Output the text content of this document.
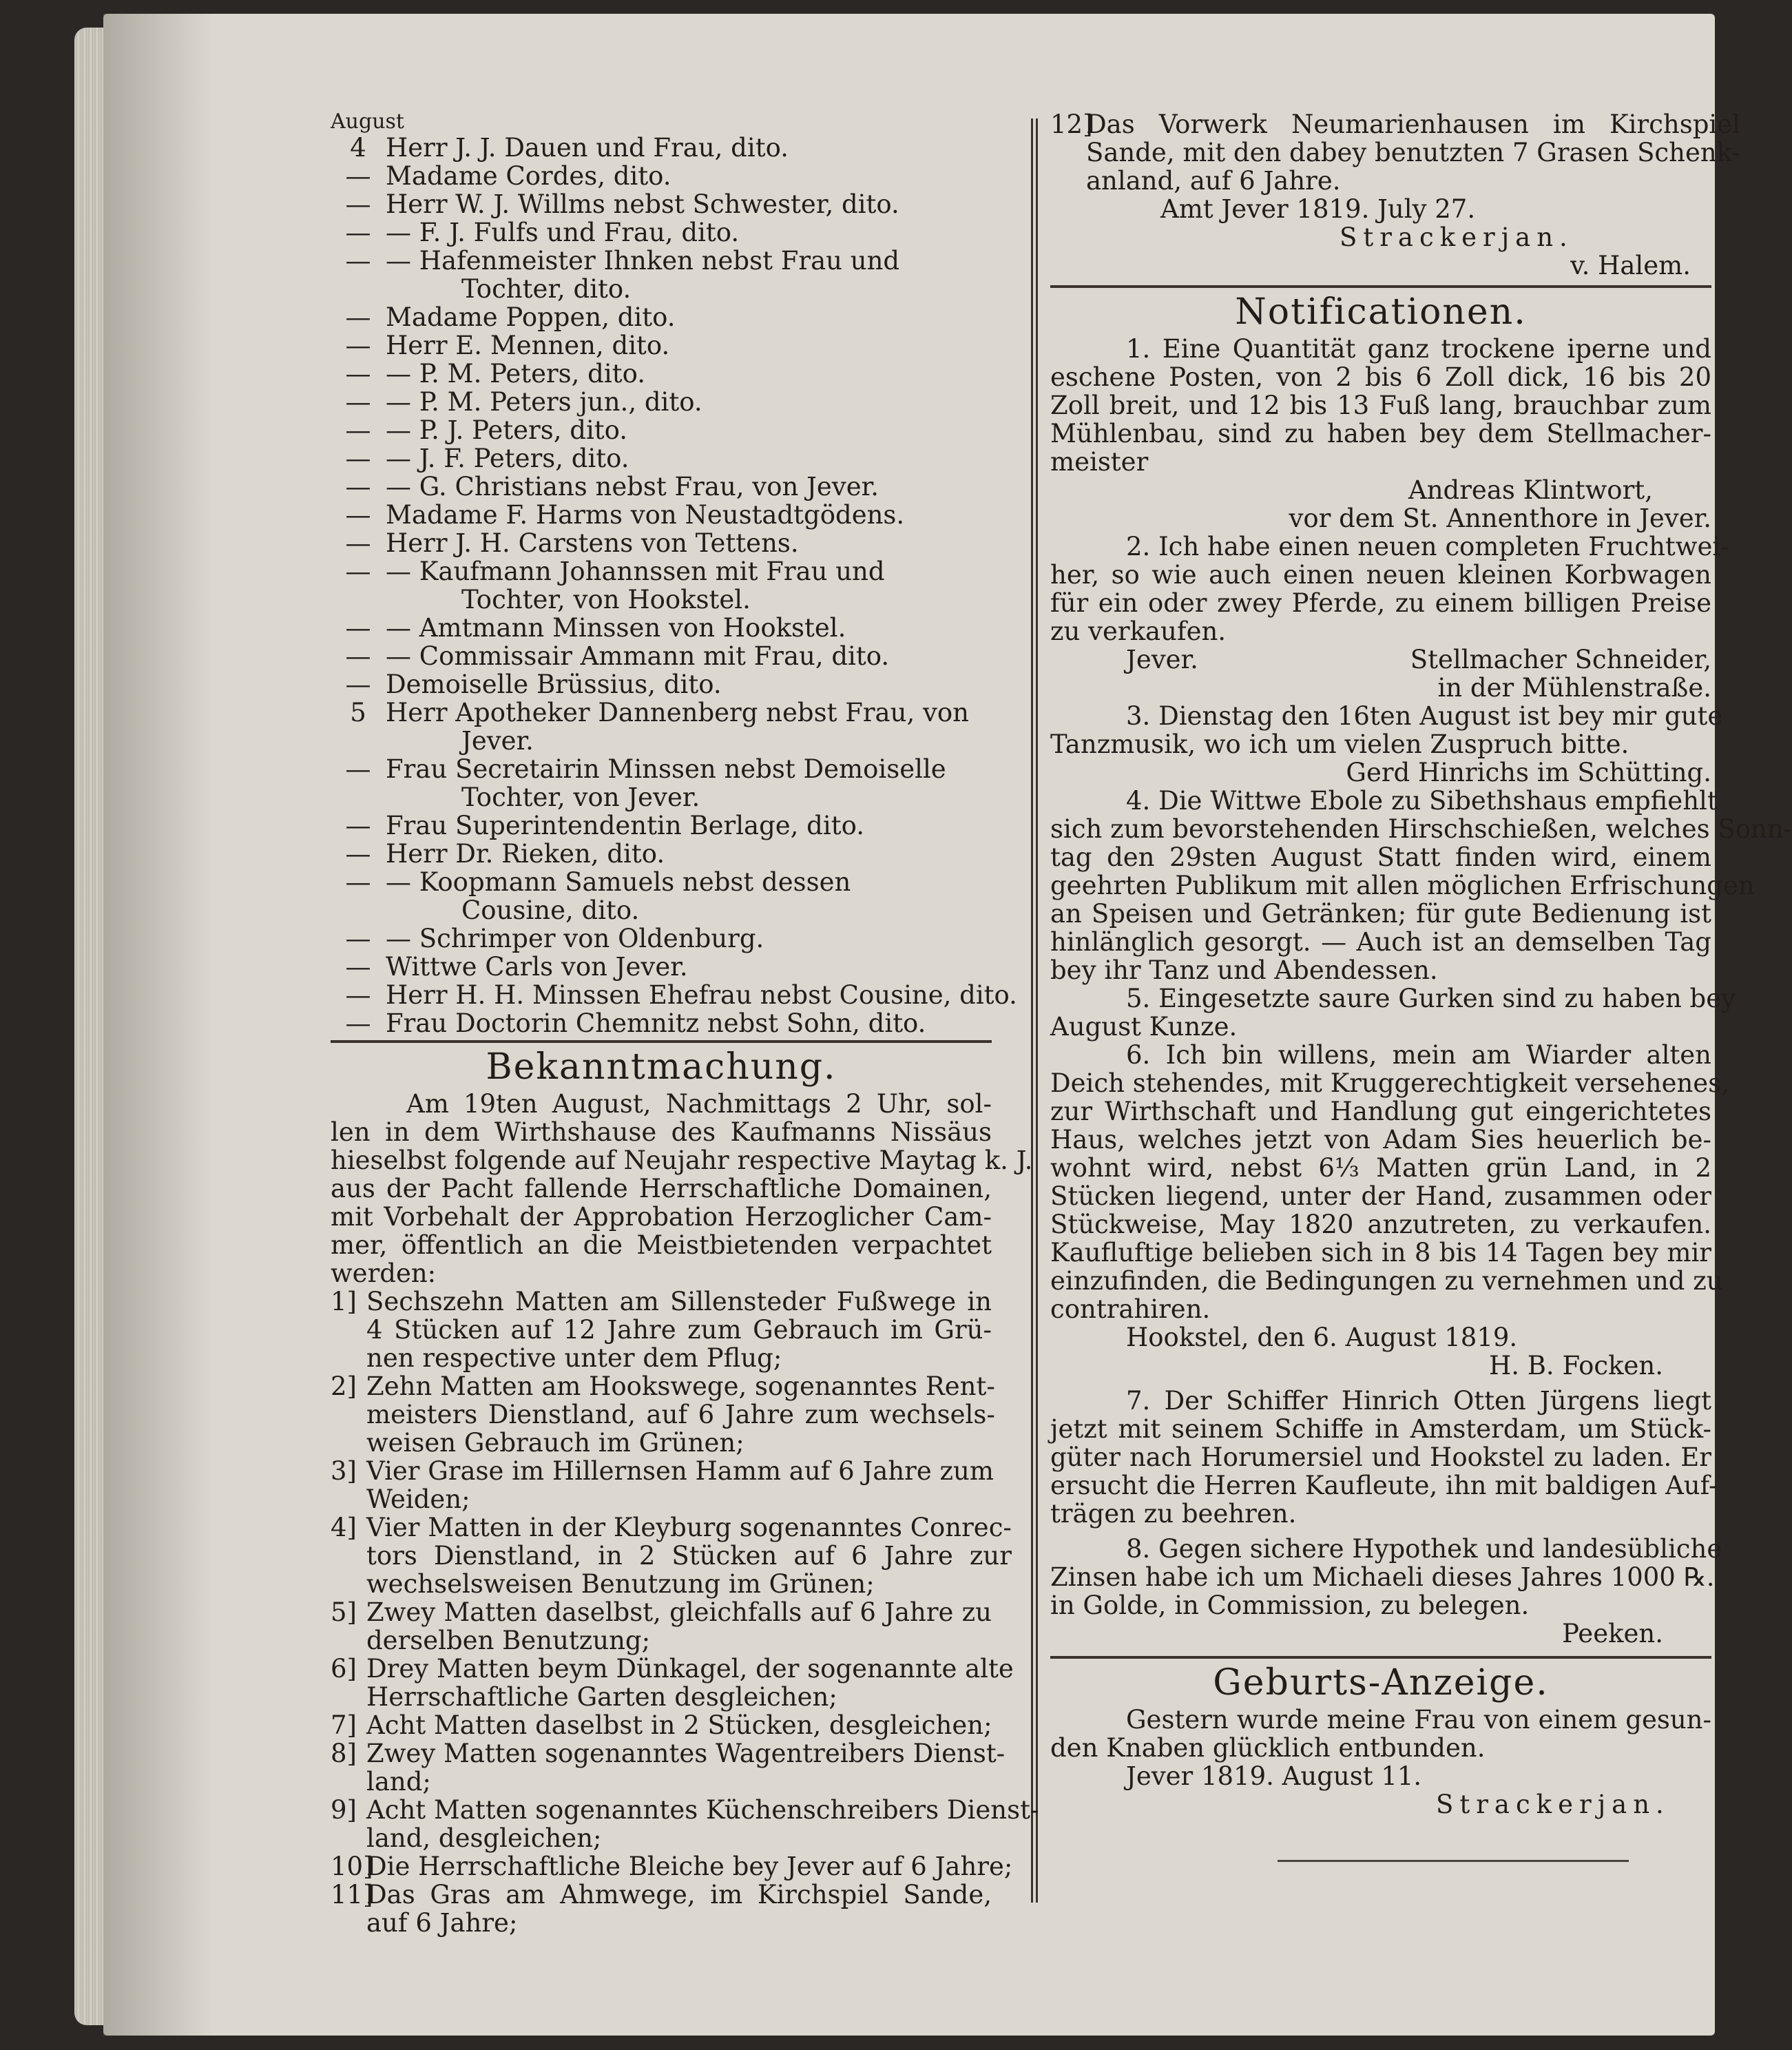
August
4 Herr J. J. Dauen und Frau, dito.
— Madame Cordes, dito.
— Herr W. J. Willms nebst Schwester, dito.
— — F. J. Fulfs und Frau, dito.
— — Hafenmeister Ihnken nebst Frau und
Tochter, dito.
— Madame Poppen, dito.
— Herr E. Mennen, dito.
— — P. M. Peters, dito.
— — P. M. Peters jun., dito.
— — P. J. Peters, dito.
— — J. F. Peters, dito.
— — G. Christians nebst Frau, von Jever.
— Madame F. Harms von Neustadtgödens.
— Herr J. H. Carstens von Tettens.
— — Kaufmann Johannssen mit Frau und
Tochter, von Hookstel.
— — Amtmann Minssen von Hookstel.
— — Commissair Ammann mit Frau, dito.
— Demoiselle Brüssius, dito.
5 Herr Apotheker Dannenberg nebst Frau, von
Jever.
— Frau Secretairin Minssen nebst Demoiselle
Tochter, von Jever.
— Frau Superintendentin Berlage, dito.
— Herr Dr. Rieken, dito.
— — Koopmann Samuels nebst dessen
Cousine, dito.
— — Schrimper von Oldenburg.
— Wittwe Carls von Jever.
— Herr H. H. Minssen Ehefrau nebst Cousine, dito.
— Frau Doctorin Chemnitz nebst Sohn, dito.
Bekanntmachung.
Am 19ten August, Nachmittags 2 Uhr, sol-
len in dem Wirthshause des Kaufmanns Nissäus
hieselbst folgende auf Neujahr respective Maytag k. J.
aus der Pacht fallende Herrschaftliche Domainen,
mit Vorbehalt der Approbation Herzoglicher Cam-
mer, öffentlich an die Meistbietenden verpachtet
werden:
1] Sechszehn Matten am Sillensteder Fußwege in
4 Stücken auf 12 Jahre zum Gebrauch im Grü-
nen respective unter dem Pflug;
2] Zehn Matten am Hookswege, sogenanntes Rent-
meisters Dienstland, auf 6 Jahre zum wechsels-
weisen Gebrauch im Grünen;
3] Vier Grase im Hillernsen Hamm auf 6 Jahre zum
Weiden;
4] Vier Matten in der Kleyburg sogenanntes Conrec-
tors Dienstland, in 2 Stücken auf 6 Jahre zur
wechselsweisen Benutzung im Grünen;
5] Zwey Matten daselbst, gleichfalls auf 6 Jahre zu
derselben Benutzung;
6] Drey Matten beym Dünkagel, der sogenannte alte
Herrschaftliche Garten desgleichen;
7] Acht Matten daselbst in 2 Stücken, desgleichen;
8] Zwey Matten sogenanntes Wagentreibers Dienst-
land;
9] Acht Matten sogenanntes Küchenschreibers Dienst-
land, desgleichen;
10]
Die Herrschaftliche Bleiche bey Jever auf 6 Jahre;
11]
Das Gras am Ahmwege, im Kirchspiel Sande,
auf 6 Jahre;
12]
Das Vorwerk Neumarienhausen im Kirchspiel
Sande, mit den dabey benutzten 7 Grasen Schenk-
anland, auf 6 Jahre.
Amt Jever 1819. July 27.
Strackerjan.
v. Halem.
Notificationen.
1. Eine Quantität ganz trockene iperne und
eschene Posten, von 2 bis 6 Zoll dick, 16 bis 20
Zoll breit, und 12 bis 13 Fuß lang, brauchbar zum
Mühlenbau, sind zu haben bey dem Stellmacher-
meister
Andreas Klintwort,
vor dem St. Annenthore in Jever.
2. Ich habe einen neuen completen Fruchtwei-
her, so wie auch einen neuen kleinen Korbwagen
für ein oder zwey Pferde, zu einem billigen Preise
zu verkaufen.
Jever.	Stellmacher Schneider,
in der Mühlenstraße.
3. Dienstag den 16ten August ist bey mir gute
Tanzmusik, wo ich um vielen Zuspruch bitte.
Gerd Hinrichs im Schütting.
4. Die Wittwe Ebole zu Sibethshaus empfiehlt
sich zum bevorstehenden Hirschschießen, welches Sonn-
tag den 29sten August Statt finden wird, einem
geehrten Publikum mit allen möglichen Erfrischungen
an Speisen und Getränken; für gute Bedienung ist
hinlänglich gesorgt. — Auch ist an demselben Tag
bey ihr Tanz und Abendessen.
5. Eingesetzte saure Gurken sind zu haben bey
August Kunze.
6. Ich bin willens, mein am Wiarder alten
Deich stehendes, mit Kruggerechtigkeit versehenes,
zur Wirthschaft und Handlung gut eingerichtetes
Haus, welches jetzt von Adam Sies heuerlich be-
wohnt wird, nebst 6⅓ Matten grün Land, in 2
Stücken liegend, unter der Hand, zusammen oder
Stückweise, May 1820 anzutreten, zu verkaufen.
Kaufluftige belieben sich in 8 bis 14 Tagen bey mir
einzufinden, die Bedingungen zu vernehmen und zu
contrahiren.
Hookstel, den 6. August 1819.
H. B. Focken.
7. Der Schiffer Hinrich Otten Jürgens liegt
jetzt mit seinem Schiffe in Amsterdam, um Stück-
güter nach Horumersiel und Hookstel zu laden. Er
ersucht die Herren Kaufleute, ihn mit baldigen Auf-
trägen zu beehren.
8. Gegen sichere Hypothek und landesübliche
Zinsen habe ich um Michaeli dieses Jahres 1000 ℞.
in Golde, in Commission, zu belegen.
Peeken.
Geburts-Anzeige.
Gestern wurde meine Frau von einem gesun-
den Knaben glücklich entbunden.
Jever 1819. August 11.
Strackerjan.
